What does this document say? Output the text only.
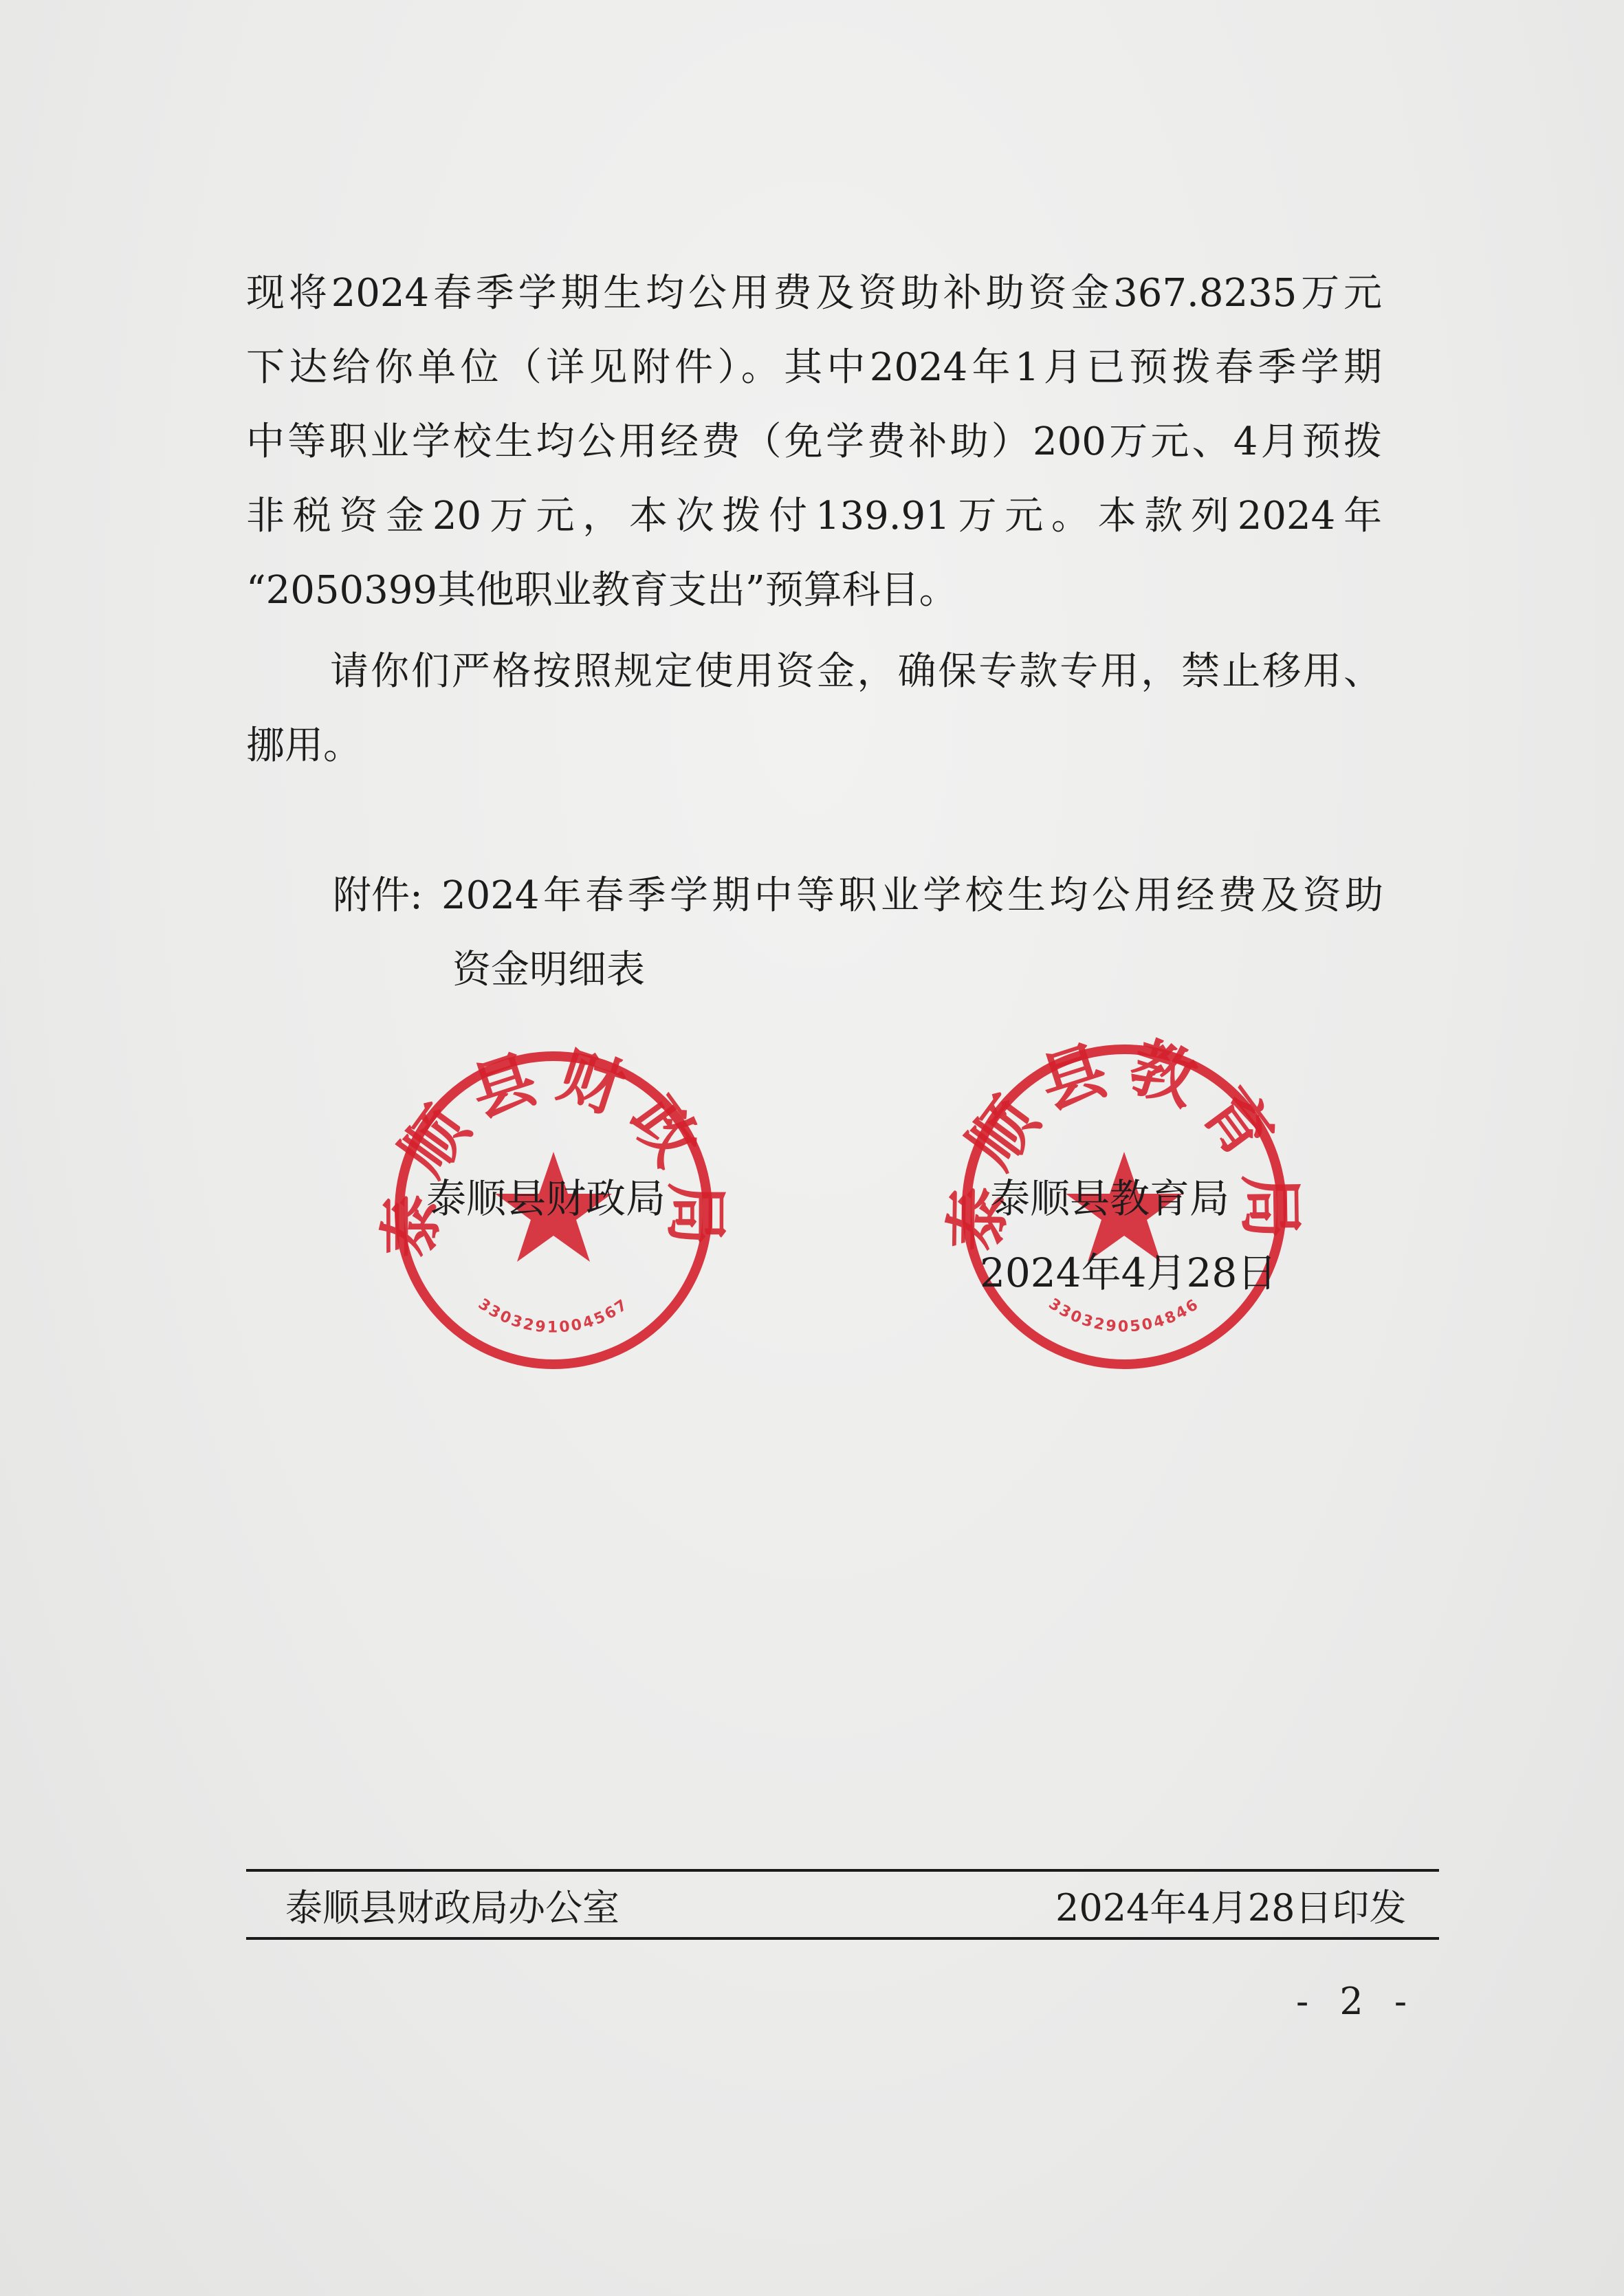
现将2024春季学期生均公用费及资助补助资金367.8235万元
下达给你单位（详见附件）。其中2024年1月已预拨春季学期
中等职业学校生均公用经费（免学费补助）200万元、4月预拨
非税资金20万元，本次拨付139.91万元。本款列2024年
“2050399其他职业教育支出”预算科目。
请你们严格按照规定使用资金，确保专款专用，禁止移用、
挪用。
附件: 2024年春季学期中等职业学校生均公用经费及资助
资金明细表
泰顺县财政局
3303291004567
泰顺县教育局
3303290504846
泰顺县财政局	泰顺县教育局
2024年4月28日
泰顺县财政局办公室	2024年4月28日印发
- 2 -
